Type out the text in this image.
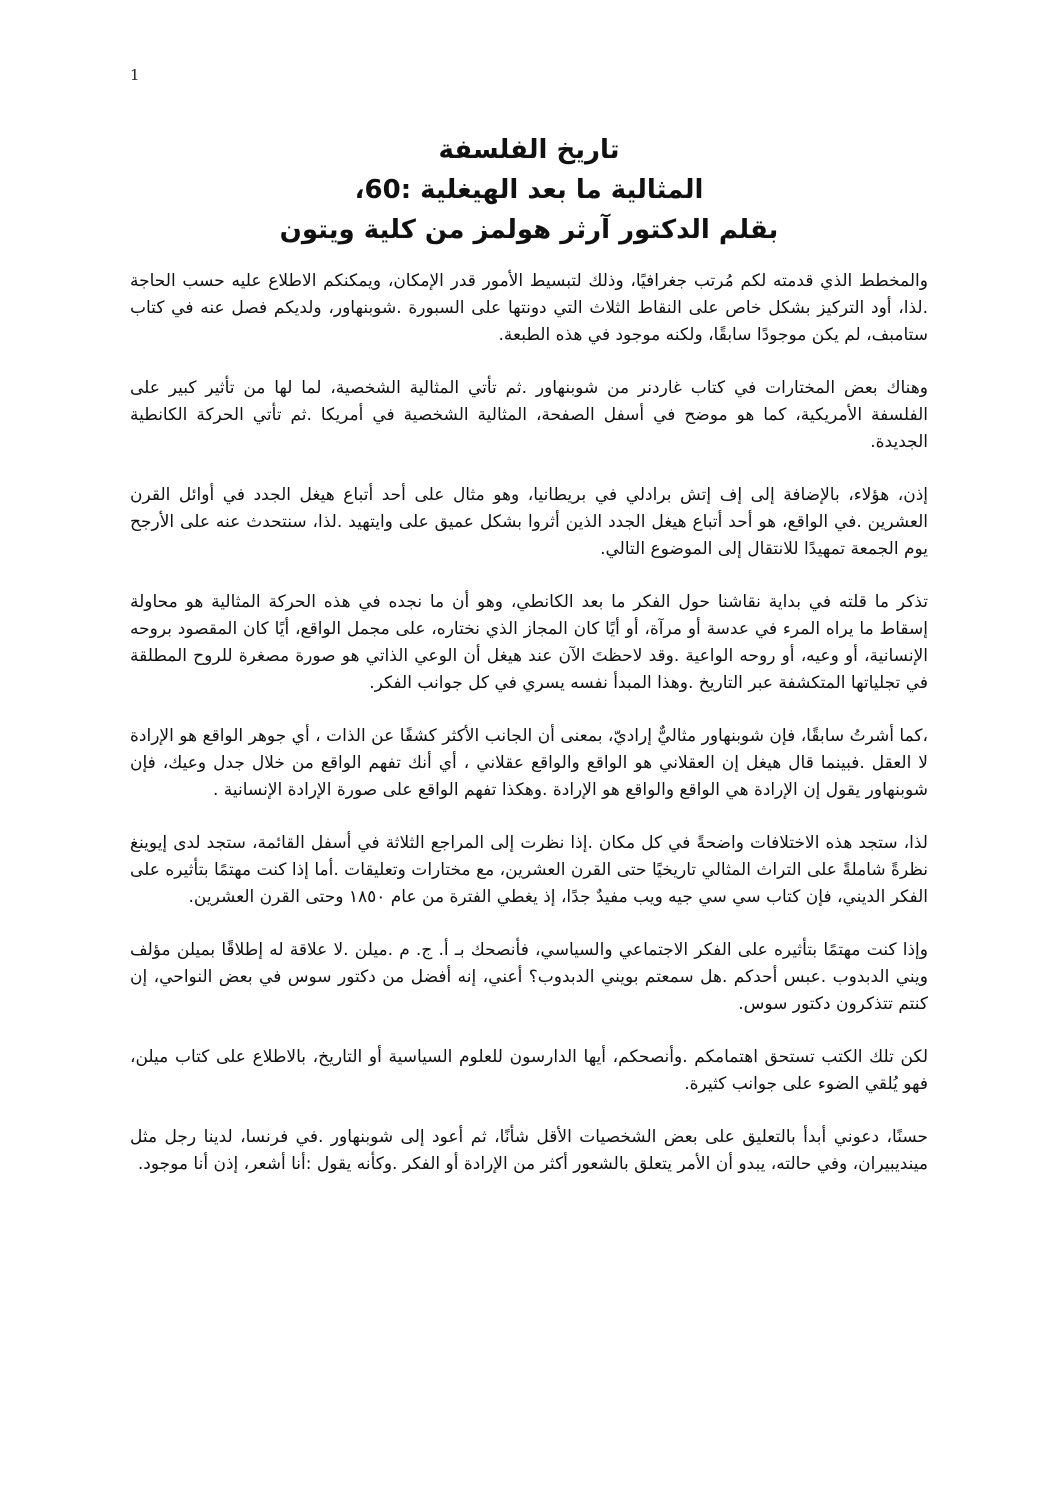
1

تاريخ الفلسفة

المثالية ما بعد الهيغلية :60،

بقلم الدكتور آرثر هولمز من كلية ويتون

والمخطط الذي قدمته لكم مُرتب جغرافيًا، وذلك لتبسيط الأمور قدر الإمكان، ويمكنكم الاطلاع عليه حسب الحاجة .لذا، أود التركيز بشكل خاص على النقاط الثلاث التي دونتها على السبورة .شوبنهاور، ولديكم فصل عنه في كتاب ستامبف، لم يكن موجودًا سابقًا، ولكنه موجود في هذه الطبعة.

وهناك بعض المختارات في كتاب غاردنر من شوبنهاور .ثم تأتي المثالية الشخصية، لما لها من تأثير كبير على الفلسفة الأمريكية، كما هو موضح في أسفل الصفحة، المثالية الشخصية في أمريكا .ثم تأتي الحركة الكانطية الجديدة.

إذن، هؤلاء، بالإضافة إلى إف إتش برادلي في بريطانيا، وهو مثال على أحد أتباع هيغل الجدد في أوائل القرن العشرين .في الواقع، هو أحد أتباع هيغل الجدد الذين أثروا بشكل عميق على وايتهيد .لذا، سنتحدث عنه على الأرجح يوم الجمعة تمهيدًا للانتقال إلى الموضوع التالي.

تذكر ما قلته في بداية نقاشنا حول الفكر ما بعد الكانطي، وهو أن ما نجده في هذه الحركة المثالية هو محاولة إسقاط ما يراه المرء في عدسة أو مرآة، أو أيًا كان المجاز الذي نختاره، على مجمل الواقع، أيًا كان المقصود بروحه الإنسانية، أو وعيه، أو روحه الواعية .وقد لاحظتَ الآن عند هيغل أن الوعي الذاتي هو صورة مصغرة للروح المطلقة في تجلياتها المتكشفة عبر التاريخ .وهذا المبدأ نفسه يسري في كل جوانب الفكر.

،كما أشرتُ سابقًا، فإن شوبنهاور مثاليٌّ إراديّ، بمعنى أن الجانب الأكثر كشفًا عن الذات ، أي جوهر الواقع هو الإرادة لا العقل .فبينما قال هيغل إن العقلاني هو الواقع والواقع عقلاني ، أي أنك تفهم الواقع من خلال جدل وعيك، فإن شوبنهاور يقول إن الإرادة هي الواقع والواقع هو الإرادة .وهكذا تفهم الواقع على صورة الإرادة الإنسانية .

لذا، ستجد هذه الاختلافات واضحةً في كل مكان .إذا نظرت إلى المراجع الثلاثة في أسفل القائمة، ستجد لدى إيوينغ نظرةً شاملةً على التراث المثالي تاريخيًا حتى القرن العشرين، مع مختارات وتعليقات .أما إذا كنت مهتمًا بتأثيره على الفكر الديني، فإن كتاب سي سي جيه ويب مفيدٌ جدًا، إذ يغطي الفترة من عام ١٨٥٠ وحتى القرن العشرين.

وإذا كنت مهتمًا بتأثيره على الفكر الاجتماعي والسياسي، فأنصحك بـ أ. ج. م .ميلن .لا علاقة له إطلاقًا بميلن مؤلف ويني الدبدوب .عبس أحدكم .هل سمعتم بويني الدبدوب؟ أعني، إنه أفضل من دكتور سوس في بعض النواحي، إن كنتم تتذكرون دكتور سوس.

لكن تلك الكتب تستحق اهتمامكم .وأنصحكم، أيها الدارسون للعلوم السياسية أو التاريخ، بالاطلاع على كتاب ميلن، فهو يُلقي الضوء على جوانب كثيرة.

حسنًا، دعوني أبدأ بالتعليق على بعض الشخصيات الأقل شأنًا، ثم أعود إلى شوبنهاور .في فرنسا، لدينا رجل مثل مينديبيران، وفي حالته، يبدو أن الأمر يتعلق بالشعور أكثر من الإرادة أو الفكر .وكأنه يقول :أنا أشعر، إذن أنا موجود.
